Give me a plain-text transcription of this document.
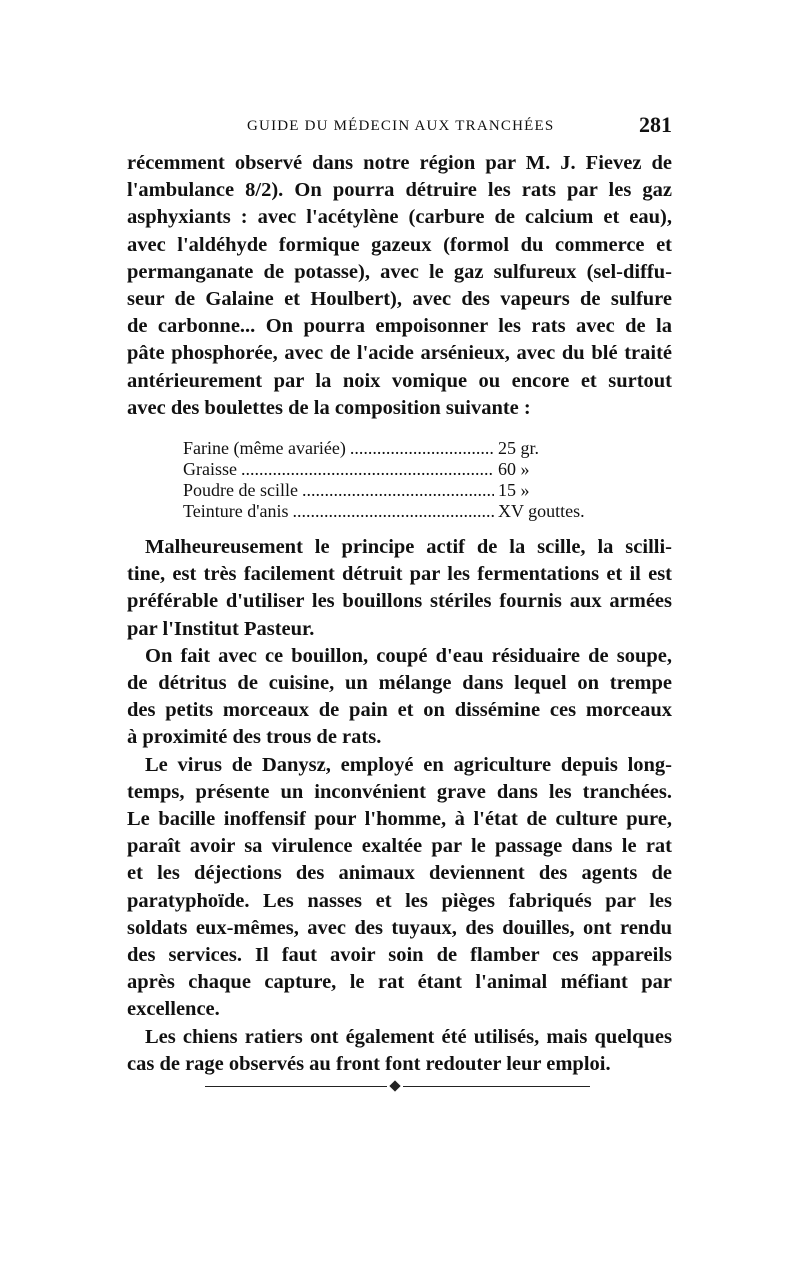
GUIDE DU MÉDECIN AUX TRANCHÉES	281
récemment observé dans notre région par M. J. Fievez de
l'ambulance 8/2). On pourra détruire les rats par les gaz
asphyxiants : avec l'acétylène (carbure de calcium et eau),
avec l'aldéhyde formique gazeux (formol du commerce et
permanganate de potasse), avec le gaz sulfureux (sel-diffu-
seur de Galaine et Houlbert), avec des vapeurs de sulfure
de carbonne... On pourra empoisonner les rats avec de la
pâte phosphorée, avec de l'acide arsénieux, avec du blé traité
antérieurement par la noix vomique ou encore et surtout
avec des boulettes de la composition suivante :
Farine (même avariée) .....	25 gr.
Graisse .....	60 »
Poudre de scille .....	15 »
Teinture d'anis .....	XV gouttes.
Malheureusement le principe actif de la scille, la scilli-
tine, est très facilement détruit par les fermentations et il est
préférable d'utiliser les bouillons stériles fournis aux armées
par l'Institut Pasteur.
On fait avec ce bouillon, coupé d'eau résiduaire de soupe,
de détritus de cuisine, un mélange dans lequel on trempe
des petits morceaux de pain et on dissémine ces morceaux
à proximité des trous de rats.
Le virus de Danysz, employé en agriculture depuis long-
temps, présente un inconvénient grave dans les tranchées.
Le bacille inoffensif pour l'homme, à l'état de culture pure,
paraît avoir sa virulence exaltée par le passage dans le rat
et les déjections des animaux deviennent des agents de
paratyphoïde. Les nasses et les pièges fabriqués par les
soldats eux-mêmes, avec des tuyaux, des douilles, ont rendu
des services. Il faut avoir soin de flamber ces appareils
après chaque capture, le rat étant l'animal méfiant par
excellence.
Les chiens ratiers ont également été utilisés, mais quelques
cas de rage observés au front font redouter leur emploi.
